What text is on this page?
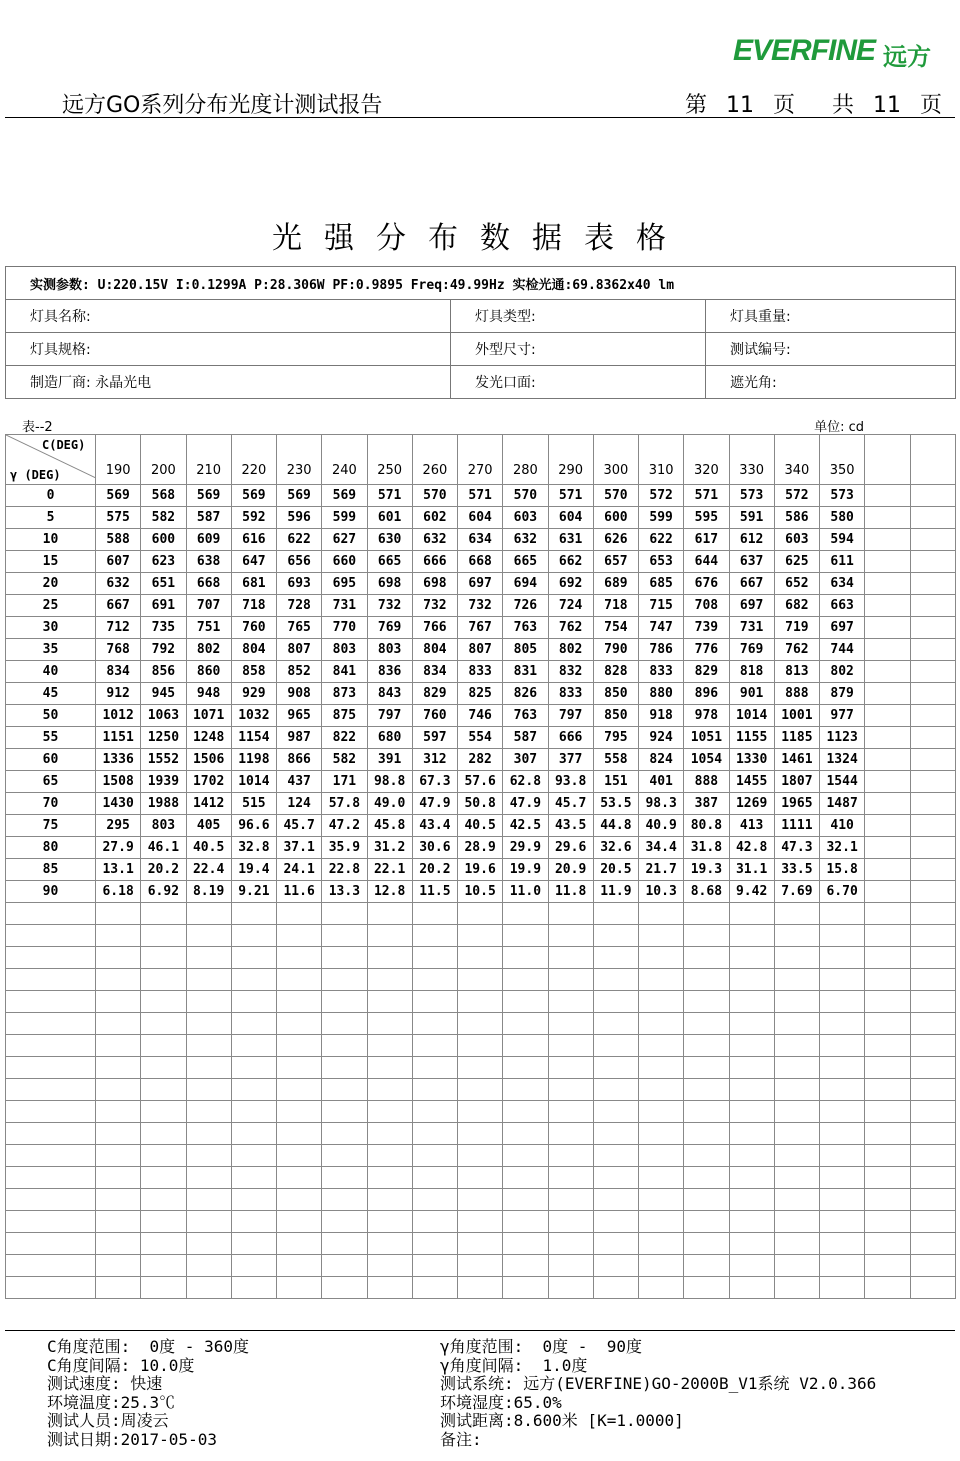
EVERFINE 远方
远方GO系列分布光度计测试报告	第 11 页 共 11 页
光强分布数据表格
实测参数: U:220.15V I:0.1299A P:28.306W PF:0.9895 Freq:49.99Hz 实检光通:69.8362x40 lm		
灯具名称:	灯具类型:	灯具重量:
灯具规格:	外型尺寸:	测试编号:
制造厂商: 永晶光电	发光口面:	遮光角:
表--2	单位: cd
C(DEG)
γ (DEG)	190	200	210	220	230	240	250	260	270	280	290	300	310	320	330	340	350		
0	569	568	569	569	569	569	571	570	571	570	571	570	572	571	573	572	573		
5	575	582	587	592	596	599	601	602	604	603	604	600	599	595	591	586	580		
10	588	600	609	616	622	627	630	632	634	632	631	626	622	617	612	603	594		
15	607	623	638	647	656	660	665	666	668	665	662	657	653	644	637	625	611		
20	632	651	668	681	693	695	698	698	697	694	692	689	685	676	667	652	634		
25	667	691	707	718	728	731	732	732	732	726	724	718	715	708	697	682	663		
30	712	735	751	760	765	770	769	766	767	763	762	754	747	739	731	719	697		
35	768	792	802	804	807	803	803	804	807	805	802	790	786	776	769	762	744		
40	834	856	860	858	852	841	836	834	833	831	832	828	833	829	818	813	802		
45	912	945	948	929	908	873	843	829	825	826	833	850	880	896	901	888	879		
50	1012	1063	1071	1032	965	875	797	760	746	763	797	850	918	978	1014	1001	977		
55	1151	1250	1248	1154	987	822	680	597	554	587	666	795	924	1051	1155	1185	1123		
60	1336	1552	1506	1198	866	582	391	312	282	307	377	558	824	1054	1330	1461	1324		
65	1508	1939	1702	1014	437	171	98.8	67.3	57.6	62.8	93.8	151	401	888	1455	1807	1544		
70	1430	1988	1412	515	124	57.8	49.0	47.9	50.8	47.9	45.7	53.5	98.3	387	1269	1965	1487		
75	295	803	405	96.6	45.7	47.2	45.8	43.4	40.5	42.5	43.5	44.8	40.9	80.8	413	1111	410		
80	27.9	46.1	40.5	32.8	37.1	35.9	31.2	30.6	28.9	29.9	29.6	32.6	34.4	31.8	42.8	47.3	32.1		
85	13.1	20.2	22.4	19.4	24.1	22.8	22.1	20.2	19.6	19.9	20.9	20.5	21.7	19.3	31.1	33.5	15.8		
90	6.18	6.92	8.19	9.21	11.6	13.3	12.8	11.5	10.5	11.0	11.8	11.9	10.3	8.68	9.42	7.69	6.70		

C角度范围:  0度 - 360度
C角度间隔: 10.0度
测试速度: 快速
环境温度:25.3℃
测试人员:周凌云
测试日期:2017-05-03
γ角度范围:  0度 -  90度
γ角度间隔:  1.0度
测试系统: 远方(EVERFINE)GO-2000B_V1系统 V2.0.366
环境湿度:65.0%
测试距离:8.600米 [K=1.0000]
备注:
